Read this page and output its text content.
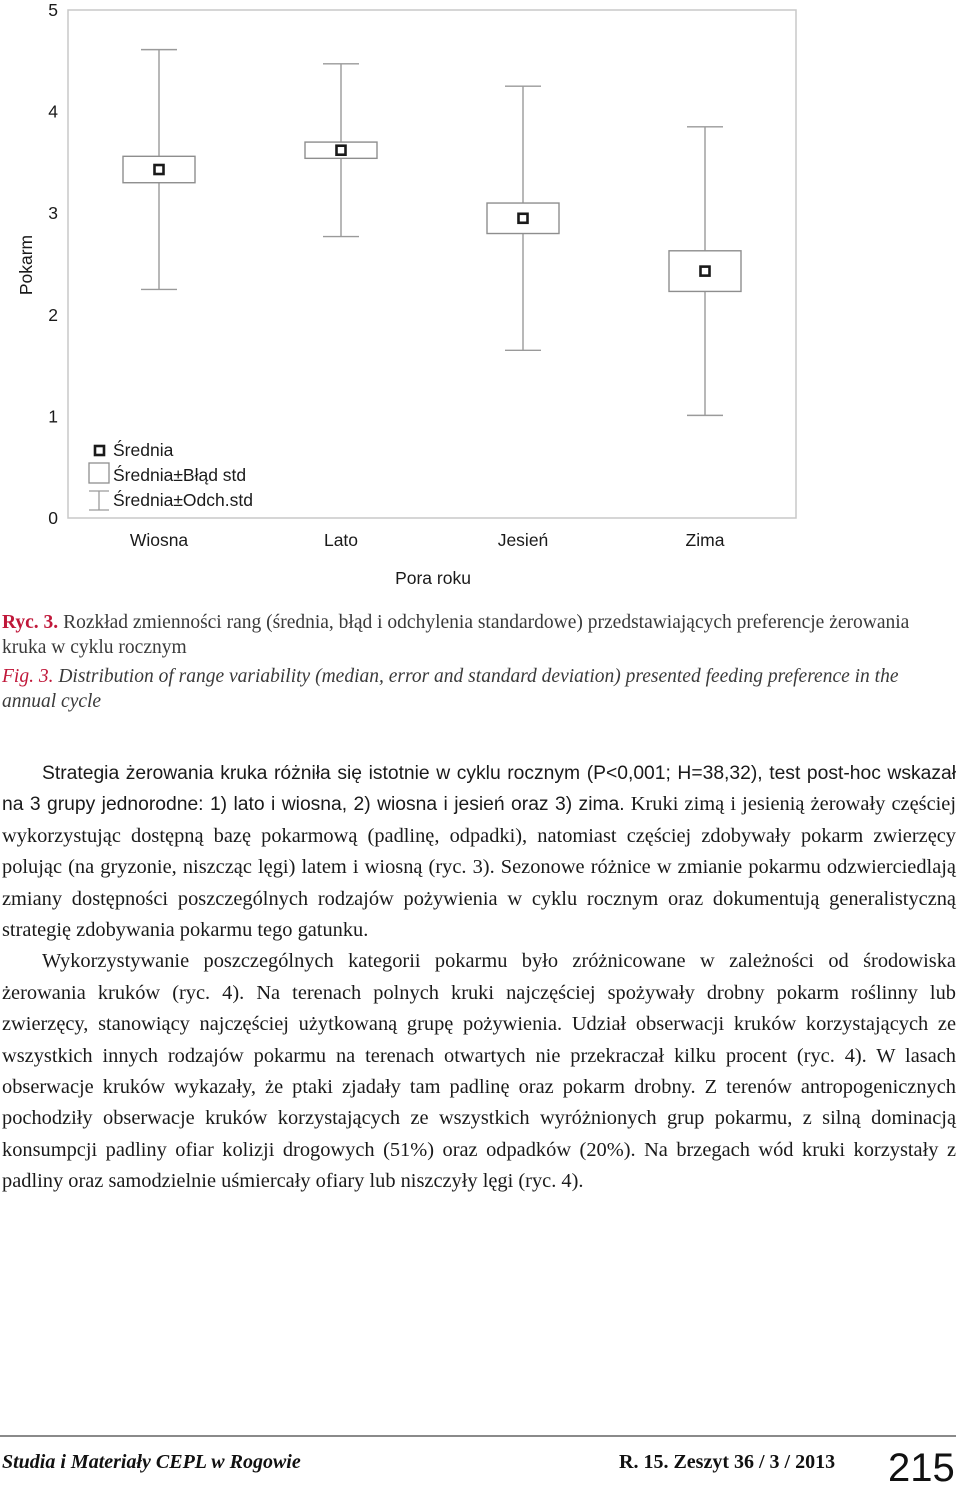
0
1
2
3
4
5
Wiosna	Lato	Jesień	Zima
Średnia
Średnia±Błąd std
Średnia±Odch.std
Pokarm
Pora roku
Ryc. 3. Rozkład zmienności rang (średnia, błąd i odchylenia standardowe) przedstawiających preferencje żerowania kruka w cyklu rocznym
Fig. 3. Distribution of range variability (median, error and standard deviation) presented feeding preference in the annual cycle

Strategia żerowania kruka różniła się istotnie w cyklu rocznym (P<0,001; H=38,32), test post-hoc wskazał na 3 grupy jednorodne: 1) lato i wiosna, 2) wiosna i jesień oraz 3) zima. Kruki zimą i jesienią żerowały częściej wykorzystując dostępną bazę pokarmową (padlinę, odpadki), natomiast częściej zdobywały pokarm zwierzęcy polując (na gryzonie, niszcząc lęgi) latem i wiosną (ryc. 3). Sezonowe różnice w zmianie pokarmu odzwierciedlają zmiany dostępności poszczególnych rodzajów pożywienia w cyklu rocznym oraz dokumentują generalistyczną strategię zdobywania pokarmu tego gatunku.

Wykorzystywanie poszczególnych kategorii pokarmu było zróżnicowane w zależności od środowiska żerowania kruków (ryc. 4). Na terenach polnych kruki najczęściej spożywały drobny pokarm roślinny lub zwierzęcy, stanowiący najczęściej użytkowaną grupę pożywienia. Udział obserwacji kruków korzystających ze wszystkich innych rodzajów pokarmu na terenach otwartych nie przekraczał kilku procent (ryc. 4). W lasach obserwacje kruków wykazały, że ptaki zjadały tam padlinę oraz pokarm drobny. Z terenów antropogenicznych pochodziły obserwacje kruków korzystających ze wszystkich wyróżnionych grup pokarmu, z silną dominacją konsumpcji padliny ofiar kolizji drogowych (51%) oraz odpadków (20%). Na brzegach wód kruki korzystały z padliny oraz samodzielnie uśmiercały ofiary lub niszczyły lęgi (ryc. 4).

Studia i Materiały CEPL w Rogowie	R. 15. Zeszyt 36 / 3 / 2013 215
